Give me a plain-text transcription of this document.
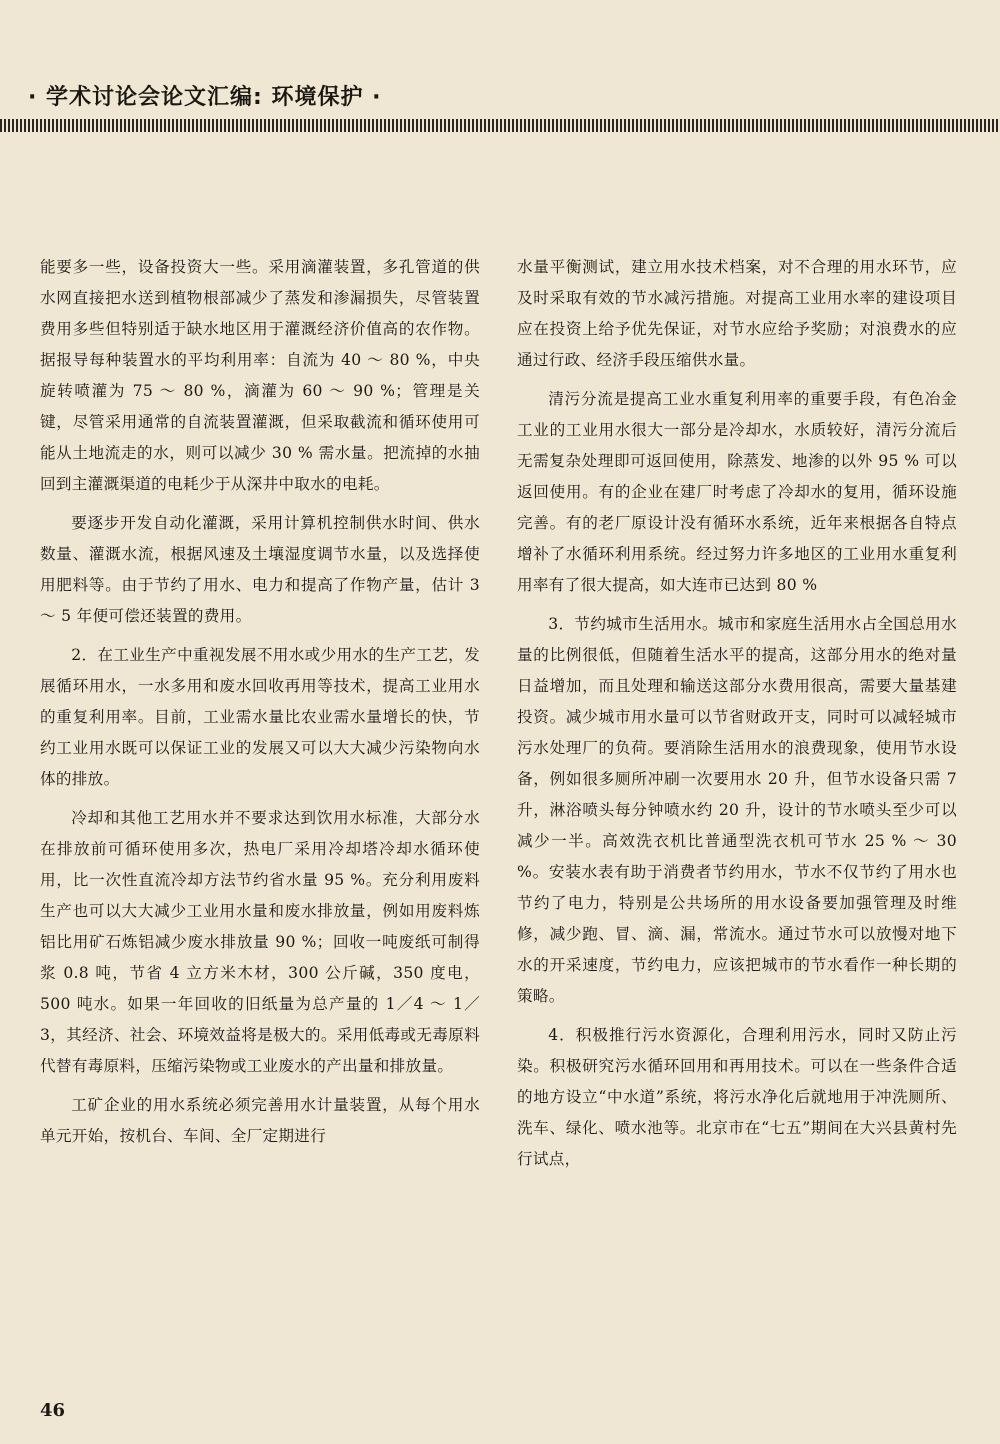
· 学术讨论会论文汇编: 环境保护 ·

能要多一些，设备投资大一些。采用滴灌装置，多孔管道的供水网直接把水送到植物根部减少了蒸发和渗漏损失，尽管装置费用多些但特别适于缺水地区用于灌溉经济价值高的农作物。据报导每种装置水的平均利用率：自流为 40 ～ 80 %，中央旋转喷灌为 75 ～ 80 %，滴灌为 60 ～ 90 %；管理是关键，尽管采用通常的自流装置灌溉，但采取截流和循环使用可能从土地流走的水，则可以减少 30 % 需水量。把流掉的水抽回到主灌溉渠道的电耗少于从深井中取水的电耗。

要逐步开发自动化灌溉，采用计算机控制供水时间、供水数量、灌溉水流，根据风速及土壤湿度调节水量，以及选择使用肥料等。由于节约了用水、电力和提高了作物产量，估计 3 ～ 5 年便可偿还装置的费用。

2．在工业生产中重视发展不用水或少用水的生产工艺，发展循环用水，一水多用和废水回收再用等技术，提高工业用水的重复利用率。目前，工业需水量比农业需水量增长的快，节约工业用水既可以保证工业的发展又可以大大减少污染物向水体的排放。

冷却和其他工艺用水并不要求达到饮用水标准，大部分水在排放前可循环使用多次，热电厂采用冷却塔冷却水循环使用，比一次性直流冷却方法节约省水量 95 %。充分利用废料生产也可以大大减少工业用水量和废水排放量，例如用废料炼铝比用矿石炼铝减少废水排放量 90 %；回收一吨废纸可制得浆 0.8 吨，节省 4 立方米木材，300 公斤碱，350 度电，500 吨水。如果一年回收的旧纸量为总产量的 1／4 ～ 1／3，其经济、社会、环境效益将是极大的。采用低毒或无毒原料代替有毒原料，压缩污染物或工业废水的产出量和排放量。

工矿企业的用水系统必须完善用水计量装置，从每个用水单元开始，按机台、车间、全厂定期进行

水量平衡测试，建立用水技术档案，对不合理的用水环节，应及时采取有效的节水减污措施。对提高工业用水率的建设项目应在投资上给予优先保证，对节水应给予奖励；对浪费水的应通过行政、经济手段压缩供水量。

清污分流是提高工业水重复利用率的重要手段，有色冶金工业的工业用水很大一部分是冷却水，水质较好，清污分流后无需复杂处理即可返回使用，除蒸发、地渗的以外 95 % 可以返回使用。有的企业在建厂时考虑了冷却水的复用，循环设施完善。有的老厂原设计没有循环水系统，近年来根据各自特点增补了水循环利用系统。经过努力许多地区的工业用水重复利用率有了很大提高，如大连市已达到 80 %

3．节约城市生活用水。城市和家庭生活用水占全国总用水量的比例很低，但随着生活水平的提高，这部分用水的绝对量日益增加，而且处理和输送这部分水费用很高，需要大量基建投资。减少城市用水量可以节省财政开支，同时可以减轻城市污水处理厂的负荷。要消除生活用水的浪费现象，使用节水设备，例如很多厕所冲刷一次要用水 20 升，但节水设备只需 7 升，淋浴喷头每分钟喷水约 20 升，设计的节水喷头至少可以减少一半。高效洗衣机比普通型洗衣机可节水 25 % ～ 30 %。安装水表有助于消费者节约用水，节水不仅节约了用水也节约了电力，特别是公共场所的用水设备要加强管理及时维修，减少跑、冒、滴、漏，常流水。通过节水可以放慢对地下水的开采速度，节约电力，应该把城市的节水看作一种长期的策略。

4．积极推行污水资源化，合理利用污水，同时又防止污染。积极研究污水循环回用和再用技术。可以在一些条件合适的地方设立“中水道”系统，将污水净化后就地用于冲洗厕所、洗车、绿化、喷水池等。北京市在“七五”期间在大兴县黄村先行试点，

46
